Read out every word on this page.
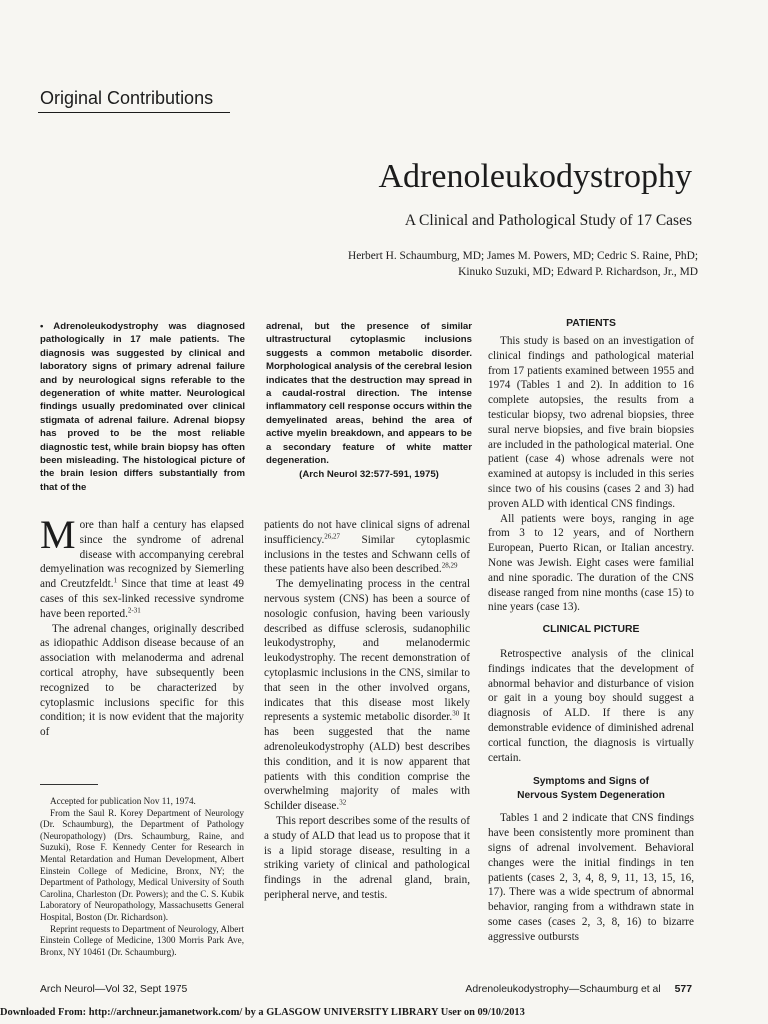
Original Contributions
Adrenoleukodystrophy
A Clinical and Pathological Study of 17 Cases
Herbert H. Schaumburg, MD; James M. Powers, MD; Cedric S. Raine, PhD;
Kinuko Suzuki, MD; Edward P. Richardson, Jr., MD

• Adrenoleukodystrophy was diagnosed pathologically in 17 male patients. The diagnosis was suggested by clinical and laboratory signs of primary adrenal failure and by neurological signs referable to the degeneration of white matter. Neurological findings usually predominated over clinical stigmata of adrenal failure. Adrenal biopsy has proved to be the most reliable diagnostic test, while brain biopsy has often been misleading. The histological picture of the brain lesion differs substantially from that of the

adrenal, but the presence of similar ultrastructural cytoplasmic inclusions suggests a common metabolic disorder. Morphological analysis of the cerebral lesion indicates that the destruction may spread in a caudal-rostral direction. The intense inflammatory cell response occurs within the demyelinated areas, behind the area of active myelin breakdown, and appears to be a secondary feature of white matter degeneration.

(Arch Neurol 32:577-591, 1975)

More than half a century has elapsed since the syndrome of adrenal disease with accompanying cerebral demyelination was recognized by Siemerling and Creutzfeldt.$^1$ Since that time at least 49 cases of this sex-linked recessive syndrome have been reported.$^{2-31}$

The adrenal changes, originally described as idiopathic Addison disease because of an association with melanoderma and adrenal cortical atrophy, have subsequently been recognized to be characterized by cytoplasmic inclusions specific for this condition; it is now evident that the majority of

Accepted for publication Nov 11, 1974.

From the Saul R. Korey Department of Neurology (Dr. Schaumburg), the Department of Pathology (Neuropathology) (Drs. Schaumburg, Raine, and Suzuki), Rose F. Kennedy Center for Research in Mental Retardation and Human Development, Albert Einstein College of Medicine, Bronx, NY; the Department of Pathology, Medical University of South Carolina, Charleston (Dr. Powers); and the C. S. Kubik Laboratory of Neuropathology, Massachusetts General Hospital, Boston (Dr. Richardson).

Reprint requests to Department of Neurology, Albert Einstein College of Medicine, 1300 Morris Park Ave, Bronx, NY 10461 (Dr. Schaumburg).

patients do not have clinical signs of adrenal insufficiency.$^{26,27}$ Similar cytoplasmic inclusions in the testes and Schwann cells of these patients have also been described.$^{28,29}$

The demyelinating process in the central nervous system (CNS) has been a source of nosologic confusion, having been variously described as diffuse sclerosis, sudanophilic leukodystrophy, and melanodermic leukodystrophy. The recent demonstration of cytoplasmic inclusions in the CNS, similar to that seen in the other involved organs, indicates that this disease most likely represents a systemic metabolic disorder.$^{30}$ It has been suggested that the name adrenoleukodystrophy (ALD) best describes this condition, and it is now apparent that patients with this condition comprise the overwhelming majority of males with Schilder disease.$^{32}$

This report describes some of the results of a study of ALD that lead us to propose that it is a lipid storage disease, resulting in a striking variety of clinical and pathological findings in the adrenal gland, brain, peripheral nerve, and testis.

PATIENTS

This study is based on an investigation of clinical findings and pathological material from 17 patients examined between 1955 and 1974 (Tables 1 and 2). In addition to 16 complete autopsies, the results from a testicular biopsy, two adrenal biopsies, three sural nerve biopsies, and five brain biopsies are included in the pathological material. One patient (case 4) whose adrenals were not examined at autopsy is included in this series since two of his cousins (cases 2 and 3) had proven ALD with identical CNS findings.

All patients were boys, ranging in age from 3 to 12 years, and of Northern European, Puerto Rican, or Italian ancestry. None was Jewish. Eight cases were familial and nine sporadic. The duration of the CNS disease ranged from nine months (case 15) to nine years (case 13).

CLINICAL PICTURE

Retrospective analysis of the clinical findings indicates that the development of abnormal behavior and disturbance of vision or gait in a young boy should suggest a diagnosis of ALD. If there is any demonstrable evidence of diminished adrenal cortical function, the diagnosis is virtually certain.

Symptoms and Signs of
Nervous System Degeneration

Tables 1 and 2 indicate that CNS findings have been consistently more prominent than signs of adrenal involvement. Behavioral changes were the initial findings in ten patients (cases 2, 3, 4, 8, 9, 11, 13, 15, 16, 17). There was a wide spectrum of abnormal behavior, ranging from a withdrawn state in some cases (cases 2, 3, 8, 16) to bizarre aggressive outbursts

Arch Neurol—Vol 32, Sept 1975	Adrenoleukodystrophy—Schaumburg et al 577
Downloaded From: http://archneur.jamanetwork.com/ by a GLASGOW UNIVERSITY LIBRARY User on 09/10/2013
